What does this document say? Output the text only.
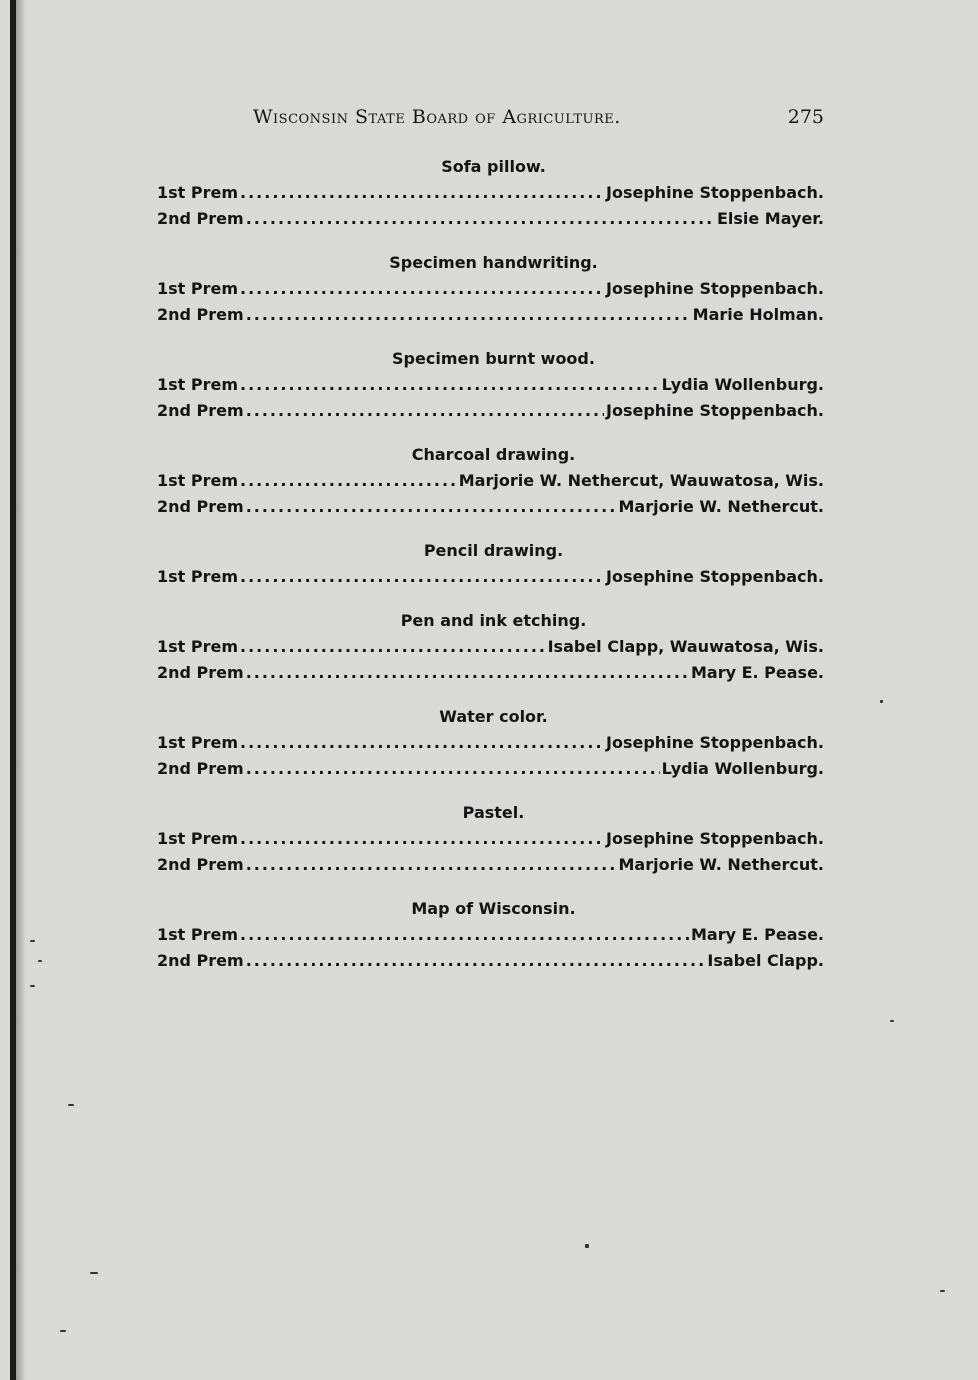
Wisconsin State Board of Agriculture.	275
Sofa pillow.
1st Prem .....	Josephine Stoppenbach.
2nd Prem .....	Elsie Mayer.
Specimen handwriting.
1st Prem .....	Josephine Stoppenbach.
2nd Prem .....	Marie Holman.
Specimen burnt wood.
1st Prem .....	Lydia Wollenburg.
2nd Prem .....	Josephine Stoppenbach.
Charcoal drawing.
1st Prem .....	Marjorie W. Nethercut, Wauwatosa, Wis.
2nd Prem .....	Marjorie W. Nethercut.
Pencil drawing.
1st Prem .....	Josephine Stoppenbach.
Pen and ink etching.
1st Prem .....	Isabel Clapp, Wauwatosa, Wis.
2nd Prem .....	Mary E. Pease.
Water color.
1st Prem .....	Josephine Stoppenbach.
2nd Prem .....	Lydia Wollenburg.
Pastel.
1st Prem .....	Josephine Stoppenbach.
2nd Prem .....	Marjorie W. Nethercut.
Map of Wisconsin.
1st Prem .....	Mary E. Pease.
2nd Prem .....	Isabel Clapp.
